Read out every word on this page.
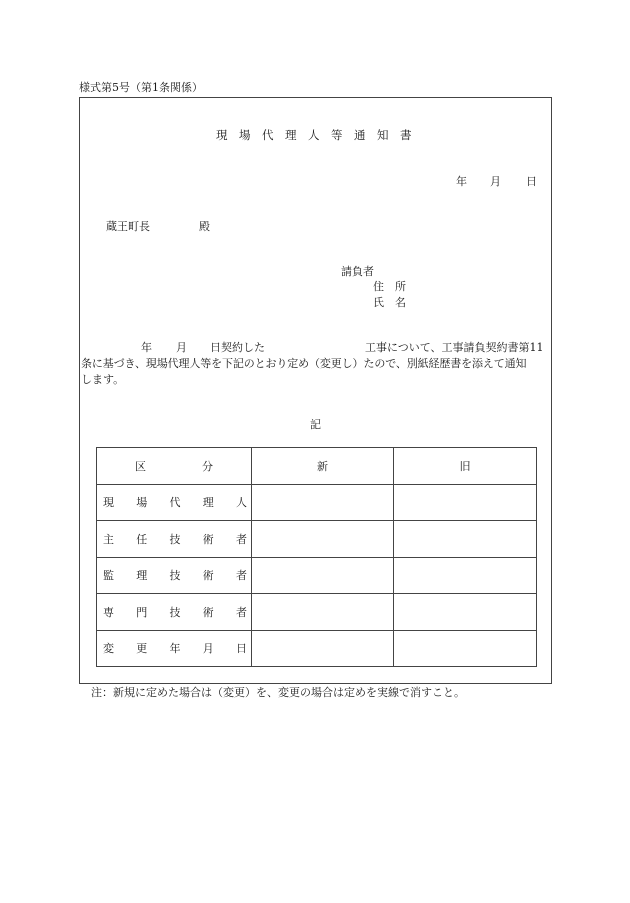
様式第5号（第1条関係）
現　場　代　理　人　等　通　知　書
年 月 日
蔵王町長	殿
請負者
住　所
氏　名
年 月 日契約した	工事について、工事請負契約書第11
条に基づき、現場代理人等を下記のとおり定め（変更し）たので、別紙経歴書を添えて通知
します。
記
区 分	新	旧

現 場 代 理 人		

主 任 技 術 者		

監 理 技 術 者		

専 門 技 術 者		

変 更 年 月 日		

注：新規に定めた場合は（変更）を、変更の場合は定めを実線で消すこと。
